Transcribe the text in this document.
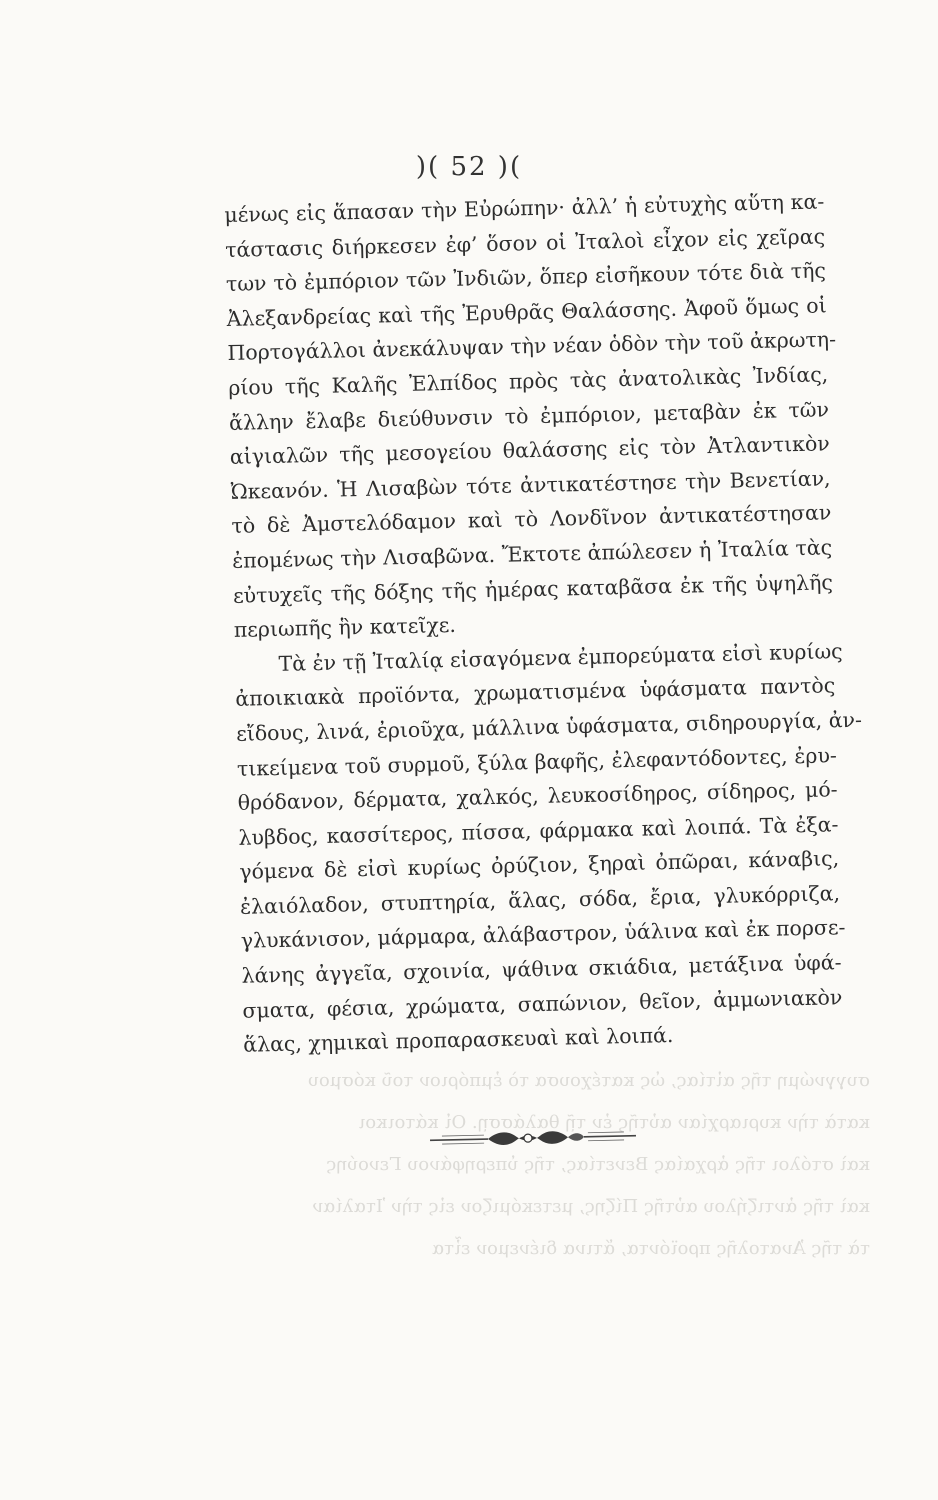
συγγνώμη τῆς αἰτίας, ὡς κατέχουσα τὸ ἐμπόριον τοῦ κόσμου
κατὰ τὴν κυριαρχίαν αὐτῆς ἐν τῇ θαλάσσῃ. Οἱ κάτοικοι
καὶ στόλοι τῆς ἀρχαίας Βενετίας, τῆς ὑπερηφάνου Γενούης
καὶ τῆς ἀντιζήλου αὐτῆς Πίζης, μετεκόμιζον εἰς τὴν Ἰταλίαν
τὰ τῆς Ἀνατολῆς προϊόντα, ἅτινα διένεμον εἶτα
)( 52 )(
μένως εἰς ἅπασαν τὴν Εὐρώπην· ἀλλ’ ἡ εὐτυχὴς αὕτη κα-
τάστασις διήρκεσεν ἐφ’ ὅσον οἱ Ἰταλοὶ εἶχον εἰς χεῖρας
των τὸ ἐμπόριον τῶν Ἰνδιῶν, ὅπερ εἰσῆκουν τότε διὰ τῆς
Ἀλεξανδρείας καὶ τῆς Ἐρυθρᾶς Θαλάσσης. Ἀφοῦ ὅμως οἱ
Πορτογάλλοι ἀνεκάλυψαν τὴν νέαν ὁδὸν τὴν τοῦ ἀκρωτη-
ρίου τῆς Καλῆς Ἐλπίδος πρὸς τὰς ἀνατολικὰς Ἰνδίας,
ἄλλην ἔλαβε διεύθυνσιν τὸ ἐμπόριον, μεταβὰν ἐκ τῶν
αἰγιαλῶν τῆς μεσογείου θαλάσσης εἰς τὸν Ἀτλαντικὸν
Ὠκεανόν. Ἡ Λισαβὼν τότε ἀντικατέστησε τὴν Βενετίαν,
τὸ δὲ Ἀμστελόδαμον καὶ τὸ Λονδῖνον ἀντικατέστησαν
ἐπομένως τὴν Λισαβῶνα. Ἔκτοτε ἀπώλεσεν ἡ Ἰταλία τὰς
εὐτυχεῖς τῆς δόξης τῆς ἡμέρας καταβᾶσα ἐκ τῆς ὑψηλῆς
περιωπῆς ἣν κατεῖχε.
Τὰ ἐν τῇ Ἰταλίᾳ εἰσαγόμενα ἐμπορεύματα εἰσὶ κυρίως
ἀποικιακὰ προϊόντα, χρωματισμένα ὑφάσματα παντὸς
εἴδους, λινά, ἐριοῦχα, μάλλινα ὑφάσματα, σιδηρουργία, ἀν-
τικείμενα τοῦ συρμοῦ, ξύλα βαφῆς, ἐλεφαντόδοντες, ἐρυ-
θρόδανον, δέρματα, χαλκός, λευκοσίδηρος, σίδηρος, μό-
λυβδος, κασσίτερος, πίσσα, φάρμακα καὶ λοιπά. Τὰ ἐξα-
γόμενα δὲ εἰσὶ κυρίως ὀρύζιον, ξηραὶ ὀπῶραι, κάναβις,
ἐλαιόλαδον, στυπτηρία, ἅλας, σόδα, ἔρια, γλυκόρριζα,
γλυκάνισον, μάρμαρα, ἀλάβαστρον, ὑάλινα καὶ ἐκ πορσε-
λάνης ἀγγεῖα, σχοινία, ψάθινα σκιάδια, μετάξινα ὑφά-
σματα, φέσια, χρώματα, σαπώνιον, θεῖον, ἀμμωνιακὸν
ἅλας, χημικαὶ προπαρασκευαὶ καὶ λοιπά.
